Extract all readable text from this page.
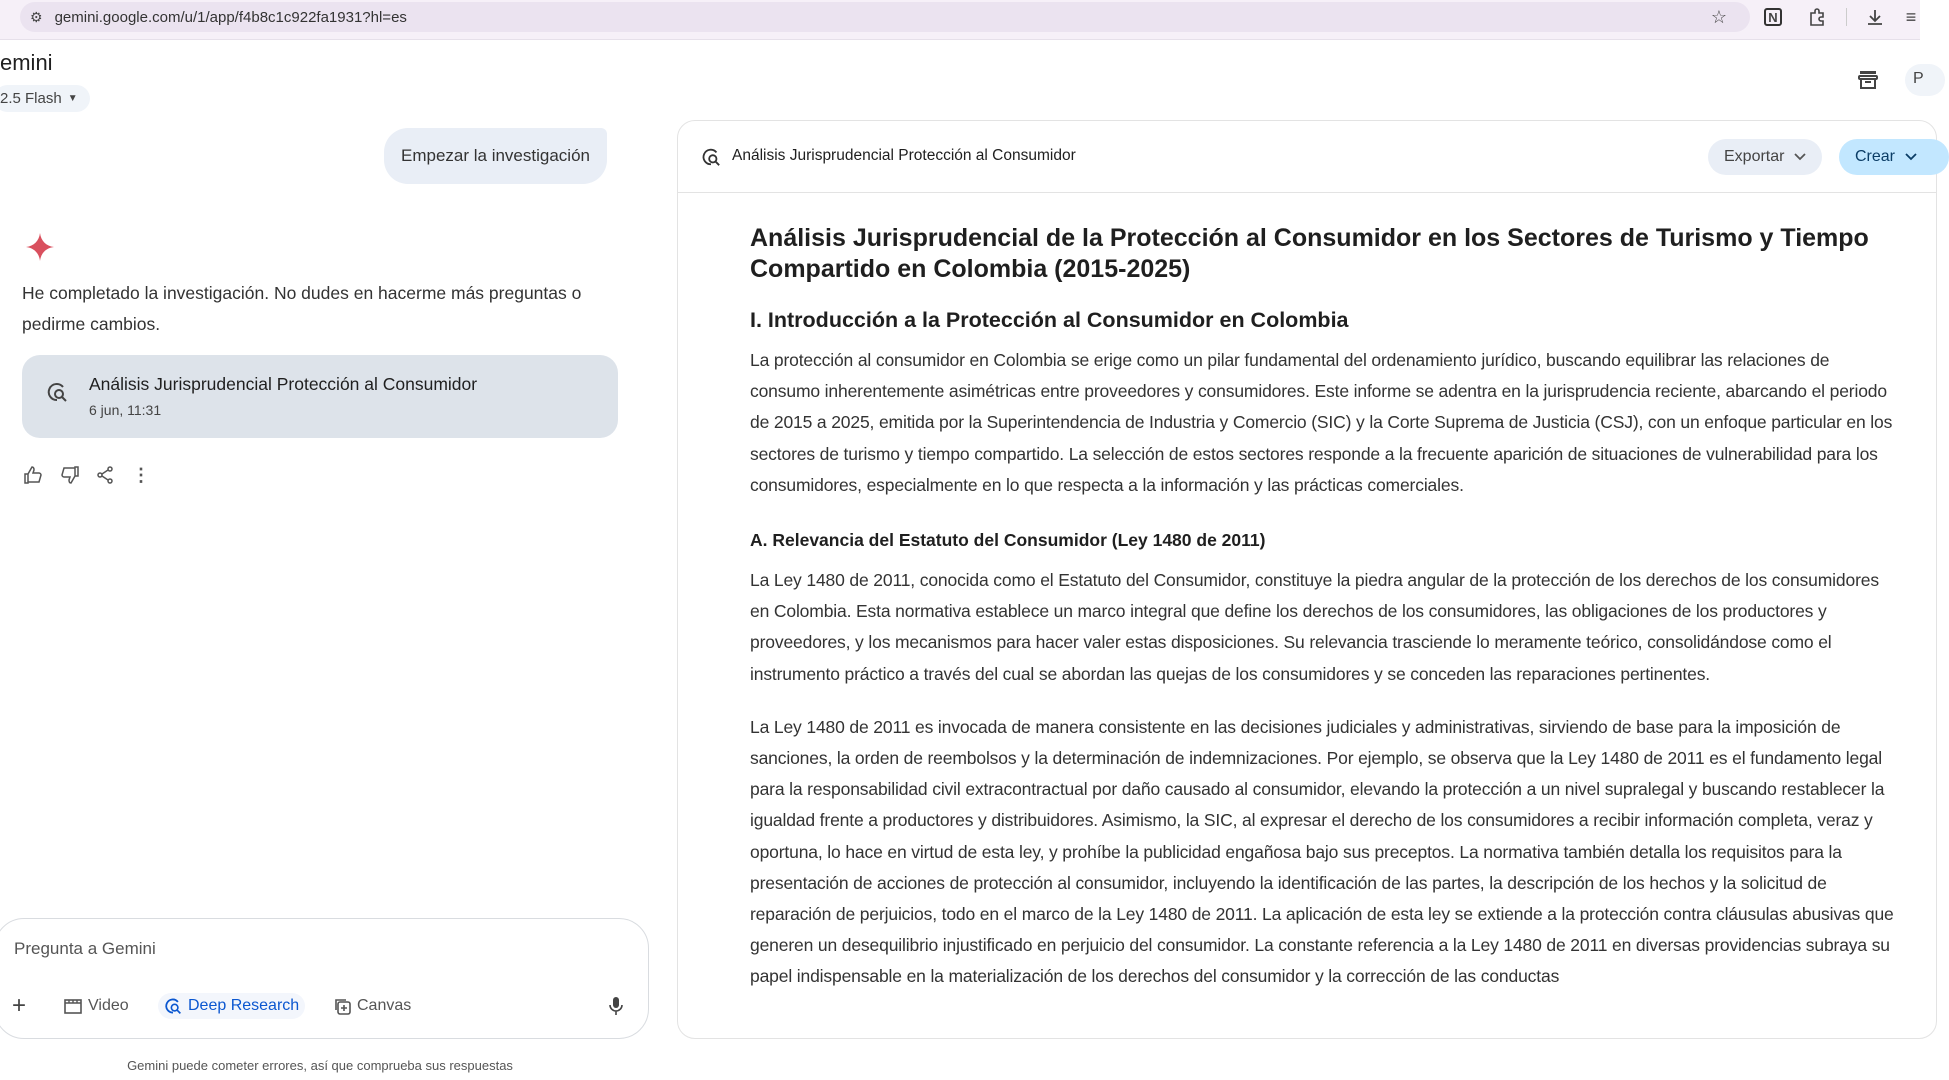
⚙ gemini.google.com/u/1/app/f4b8c1c922fa1931?hl=es	☆	N	≡
emini
2.5 Flash ▼
P
Empezar la investigación
He completado la investigación. No dudes en hacerme más preguntas o pedirme cambios.
Análisis Jurisprudencial Protección al Consumidor
6 jun, 11:31
⋮
Pregunta a Gemini
+	Video	Deep Research	Canvas
Gemini puede cometer errores, así que comprueba sus respuestas
Análisis Jurisprudencial Protección al Consumidor	Exportar	Crear
Análisis Jurisprudencial de la Protección al Consumidor en los Sectores de Turismo y Tiempo Compartido en Colombia (2015-2025)
I. Introducción a la Protección al Consumidor en Colombia

La protección al consumidor en Colombia se erige como un pilar fundamental del ordenamiento jurídico, buscando equilibrar las relaciones de consumo inherentemente asimétricas entre proveedores y consumidores. Este informe se adentra en la jurisprudencia reciente, abarcando el periodo de 2015 a 2025, emitida por la Superintendencia de Industria y Comercio (SIC) y la Corte Suprema de Justicia (CSJ), con un enfoque particular en los sectores de turismo y tiempo compartido. La selección de estos sectores responde a la frecuente aparición de situaciones de vulnerabilidad para los consumidores, especialmente en lo que respecta a la información y las prácticas comerciales.

A. Relevancia del Estatuto del Consumidor (Ley 1480 de 2011)

La Ley 1480 de 2011, conocida como el Estatuto del Consumidor, constituye la piedra angular de la protección de los derechos de los consumidores en Colombia. Esta normativa establece un marco integral que define los derechos de los consumidores, las obligaciones de los productores y proveedores, y los mecanismos para hacer valer estas disposiciones. Su relevancia trasciende lo meramente teórico, consolidándose como el instrumento práctico a través del cual se abordan las quejas de los consumidores y se conceden las reparaciones pertinentes.

La Ley 1480 de 2011 es invocada de manera consistente en las decisiones judiciales y administrativas, sirviendo de base para la imposición de sanciones, la orden de reembolsos y la determinación de indemnizaciones. Por ejemplo, se observa que la Ley 1480 de 2011 es el fundamento legal para la responsabilidad civil extracontractual por daño causado al consumidor, elevando la protección a un nivel supralegal y buscando restablecer la igualdad frente a productores y distribuidores. Asimismo, la SIC, al expresar el derecho de los consumidores a recibir información completa, veraz y oportuna, lo hace en virtud de esta ley, y prohíbe la publicidad engañosa bajo sus preceptos. La normativa también detalla los requisitos para la presentación de acciones de protección al consumidor, incluyendo la identificación de las partes, la descripción de los hechos y la solicitud de reparación de perjuicios, todo en el marco de la Ley 1480 de 2011. La aplicación de esta ley se extiende a la protección contra cláusulas abusivas que generen un desequilibrio injustificado en perjuicio del consumidor. La constante referencia a la Ley 1480 de 2011 en diversas providencias subraya su papel indispensable en la materialización de los derechos del consumidor y la corrección de las conductas
